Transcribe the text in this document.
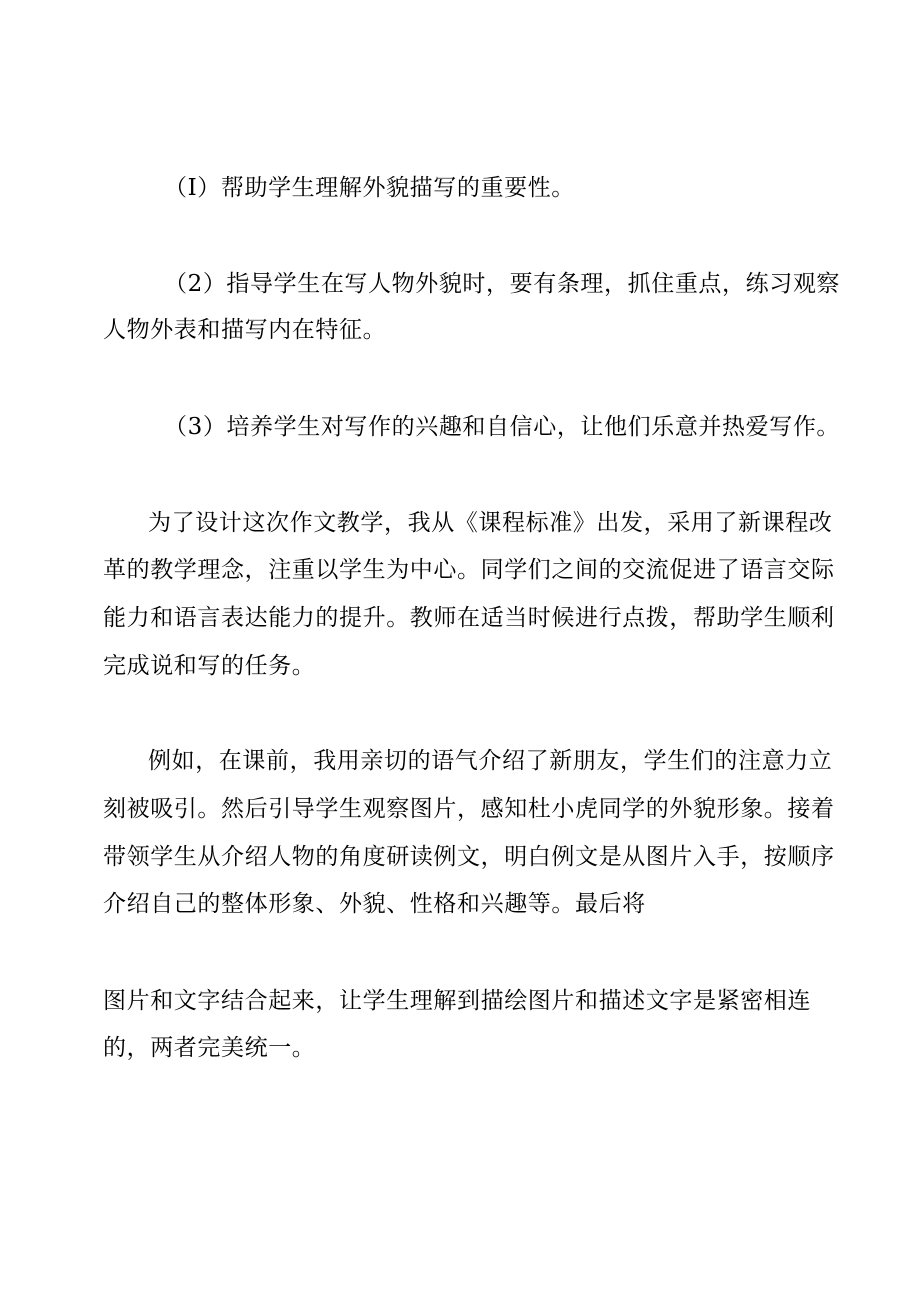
（I）帮助学生理解外貌描写的重要性。

（2）指导学生在写人物外貌时，要有条理，抓住重点，练习观察

人物外表和描写内在特征。

（3）培养学生对写作的兴趣和自信心，让他们乐意并热爱写作。

为了设计这次作文教学，我从《课程标准》出发，采用了新课程改

革的教学理念，注重以学生为中心。同学们之间的交流促进了语言交际

能力和语言表达能力的提升。教师在适当时候进行点拨，帮助学生顺利

完成说和写的任务。

例如，在课前，我用亲切的语气介绍了新朋友，学生们的注意力立

刻被吸引。然后引导学生观察图片，感知杜小虎同学的外貌形象。接着

带领学生从介绍人物的角度研读例文，明白例文是从图片入手，按顺序

介绍自己的整体形象、外貌、性格和兴趣等。最后将

图片和文字结合起来，让学生理解到描绘图片和描述文字是紧密相连

的，两者完美统一。
